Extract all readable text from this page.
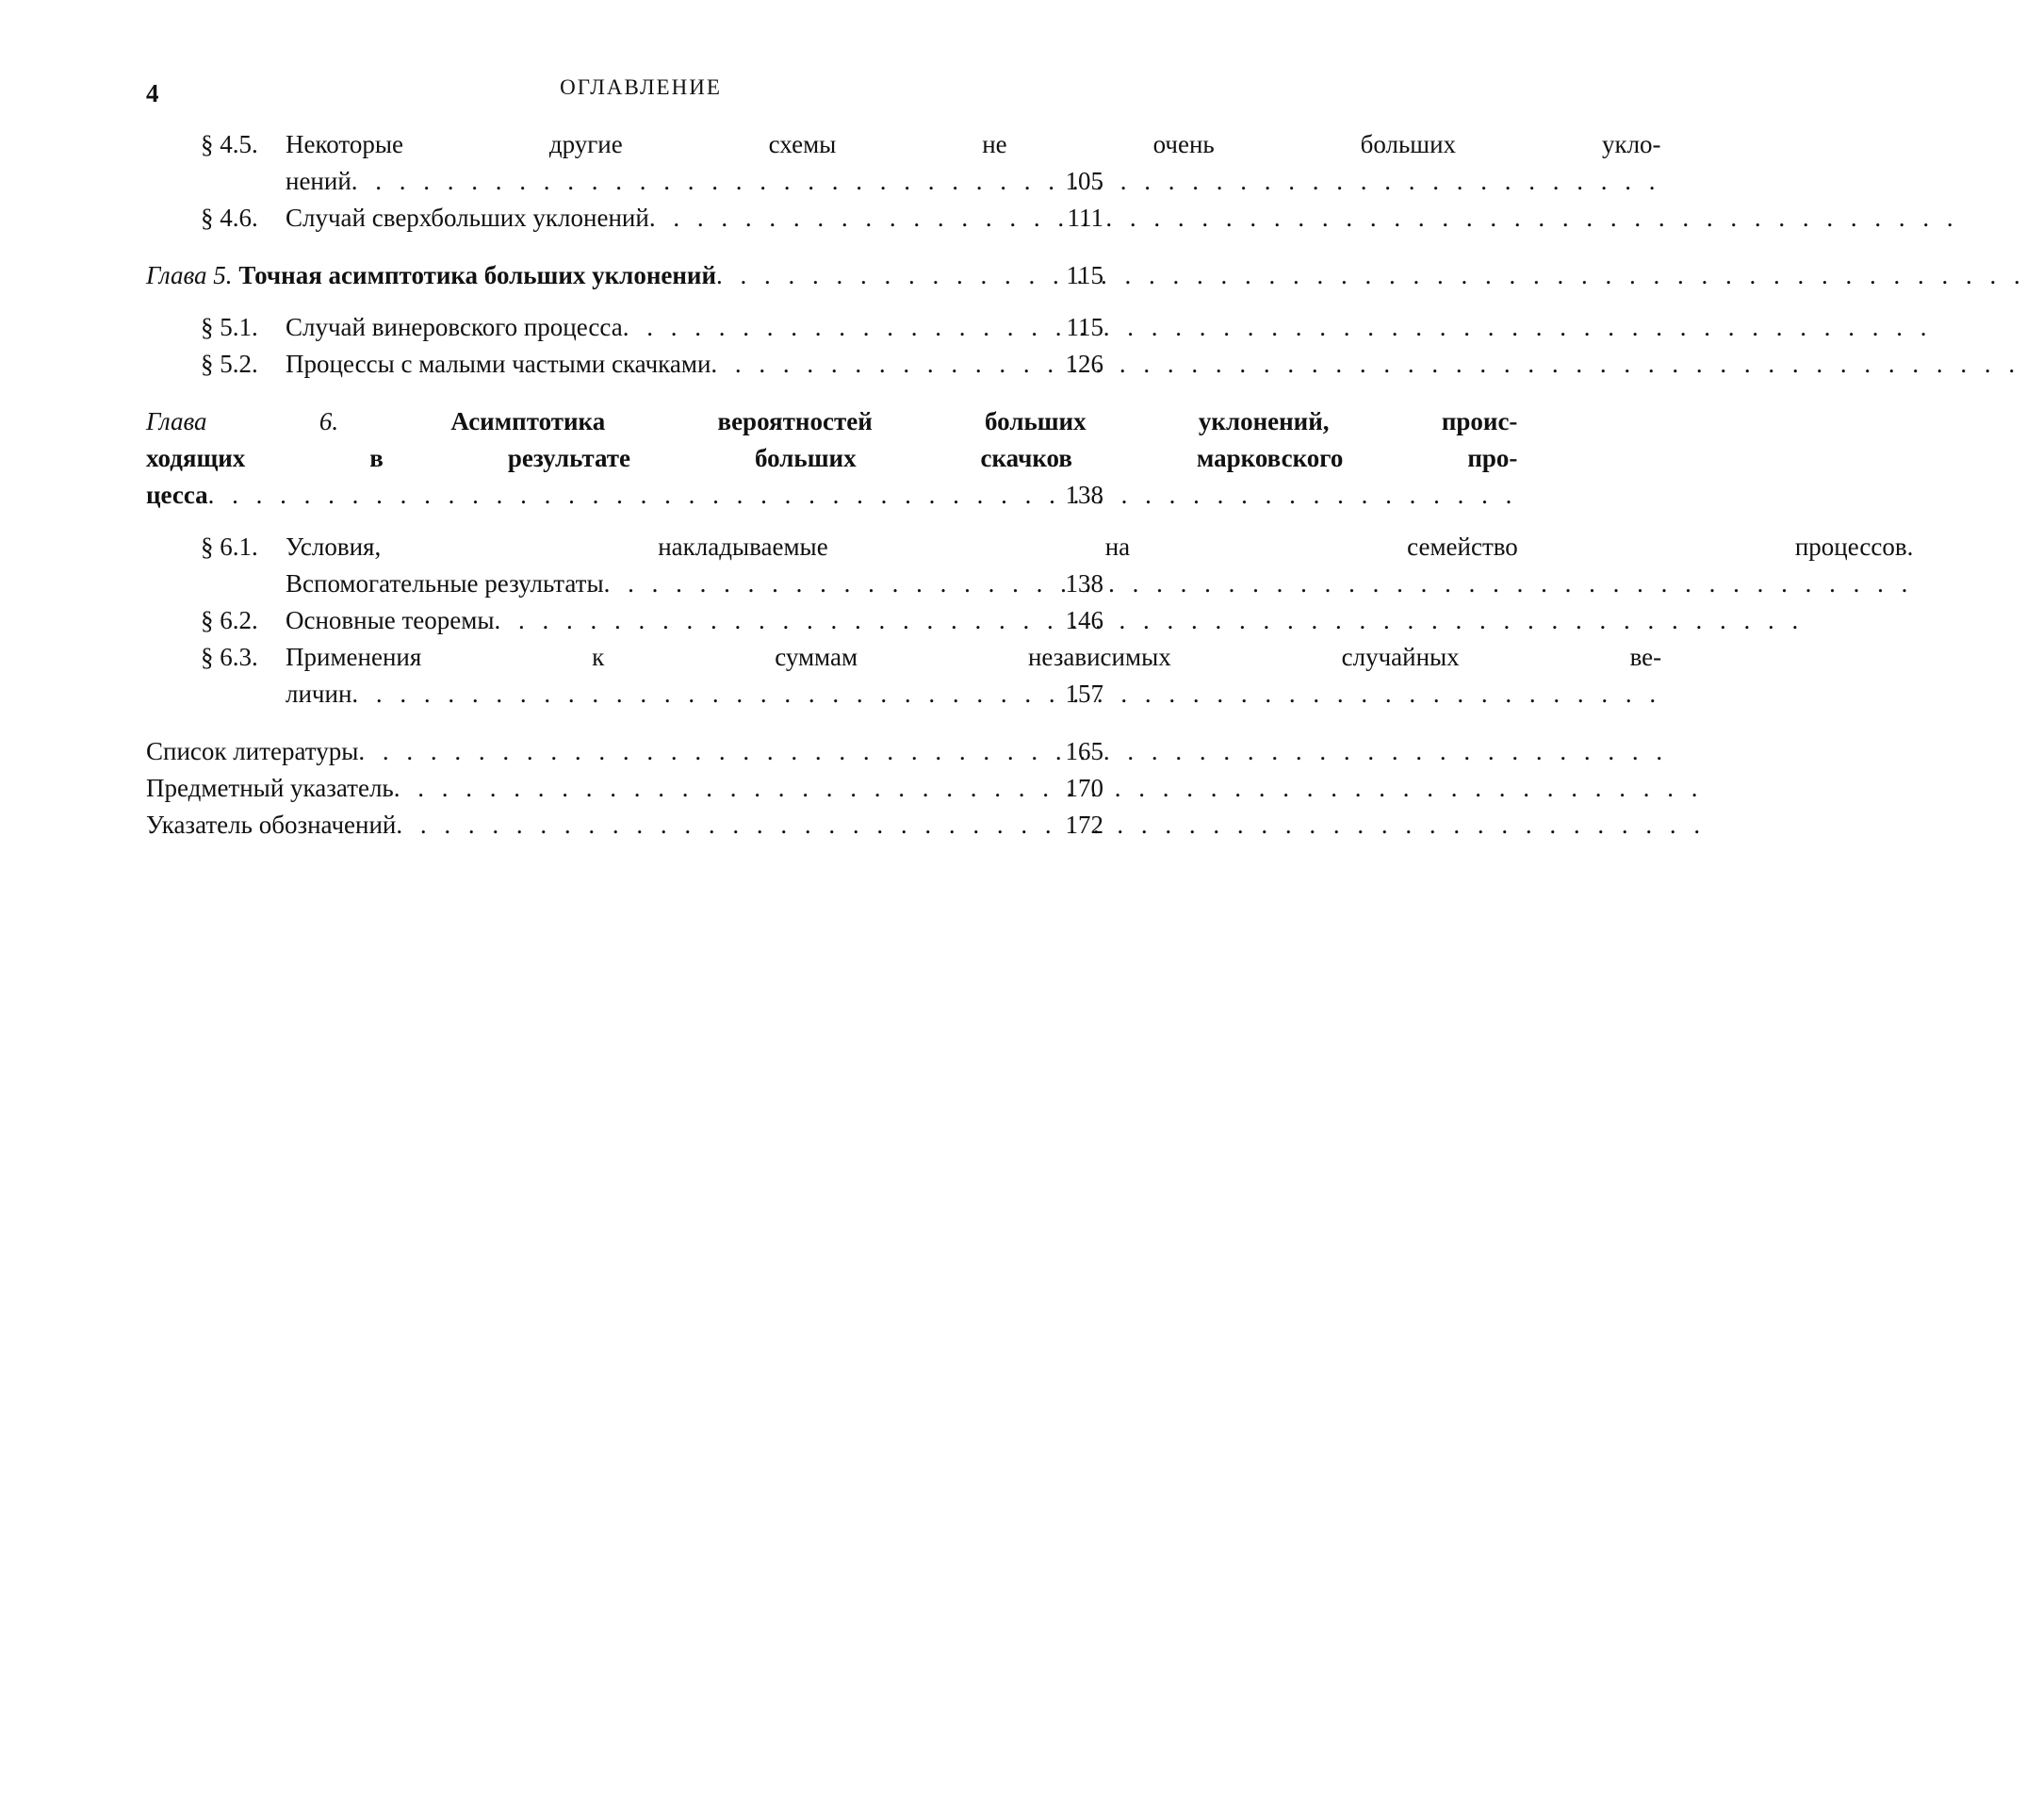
4	ОГЛАВЛЕНИЕ
§ 4.5.	Некоторые другие схемы не очень больших укло-
нений . . .	105
§ 4.6.	Случай сверхбольших уклонений . . .	111
Глава 5. Точная асимптотика больших уклонений . . .	115
§ 5.1.	Случай винеровского процесса . . .	115
§ 5.2.	Процессы с малыми частыми скачками . . .	126
Глава 6.	Асимптотика вероятностей больших уклонений, проис-
ходящих в результате больших скачков марковского про-
цесса . . .	138
§ 6.1.	Условия, накладываемые на семейство процессов.
Вспомогательные результаты . . .	138
§ 6.2.	Основные теоремы . . .	146
§ 6.3.	Применения к суммам независимых случайных ве-
личин . . .	157
Список литературы . . .	165
Предметный указатель . . .	170
Указатель обозначений . . .	172
